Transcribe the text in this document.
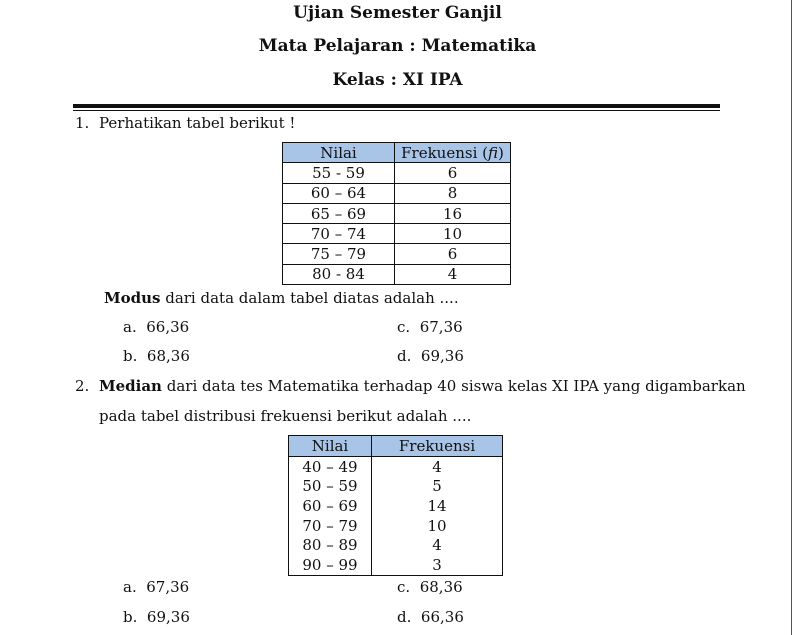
Ujian Semester Ganjil
Mata Pelajaran : Matematika
Kelas : XI IPA
1. Perhatikan tabel berikut !
Nilai	Frekuensi (fi)
55 - 59	6
60 – 64	8
65 – 69	16
70 – 74	10
75 – 79	6
80 - 84	4
Modus dari data dalam tabel diatas adalah ....
a. 66,36	c. 67,36
b. 68,36	d. 69,36
2. Median dari data tes Matematika terhadap 40 siswa kelas XI IPA yang digambarkan
pada tabel distribusi frekuensi berikut adalah ....
Nilai	Frekuensi
40 – 49	4
50 – 59	5
60 – 69	14
70 – 79	10
80 – 89	4
90 – 99	3
a. 67,36	c. 68,36
b. 69,36	d. 66,36
